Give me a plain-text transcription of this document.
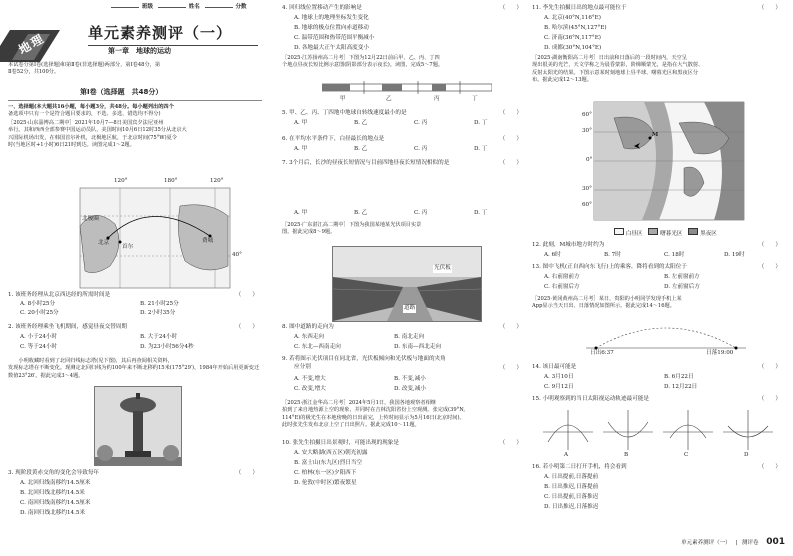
班级	姓名	分数
地理	单元素养测评（一）
第一章　地球的运动
本试卷分第Ⅰ卷(选择题)和第Ⅱ卷(非选择题)两部分，第Ⅰ卷48分，第
Ⅱ卷52分，共100分。
第Ⅰ卷（选择题　共48分）
一、选择题(本大题共16小题，每小题3分，共48分。每小题列出的四个
备选项中只有一个是符合题目要求的，不选、多选、错选均不得分)
［2025·山东淄博高二期中］2021年10月7—8日美国宾夕法尼亚州
举行。其和西西全部参赛中国运动员队，美国时间10月6日12时35分从北京大
兴国际机场出发，在韩国首尔补机，北极地区航，于北京时间(75°W)夏令
时(当地区时+1小时)6日21时到达。读图完成1～2题。
120°	180°	120°
40°
北极圈
北京
首尔
费城
1. 该班务经理从北京西达经的所需时间是	（　　）
A. 8小时25分	B. 21小时25分
C. 20小时25分	D. 2小时35分
2. 该班务经理乘坐飞机期间，感觉昼夜交替周期	（　　）
A. 小于24小时	B. 大于24小时
C. 等于24小时	D. 为23小时56分4秒
　　小明收藏时看到了北回归线标志塔(见下图)，其后再查阅相关资料，
发现标志塔在不断变化。现测定北回归线为约100年来不断北移约15米(175°29′)，1984年开始后用更新变迁
数值23°26′。据此完成3～4题。
3. 现阶段黄赤交角的变化会导致每年	（　　）
A. 北回归线南移约14.5厘米
B. 北回归线北移约14.5米
C. 南回归线南移约14.5厘米
D. 南回归线北移约14.5米
4. 回归线位置移动产生的影响是	（　　）
A. 地球上的地理坐标发生变化
B. 地球的极点位置向赤道移动
C. 温带范围和热带范围平衡减小
D. 各地最大正午太阳高度变小
［2025·江苏扬州高二月考］下图为12月22日前后甲、乙、丙、丁四
个地点昼夜长短比例示意图(阴影部分表示夜长)。读图，完成5～7题。
甲	乙	丙	丁
5. 甲、乙、丙、丁四地中地球自转线速度最小的是	（　　）
A. 甲	B. 乙	C. 丙	D. 丁
6. 在平均水平条件下，白昼最长的地点是	（　　）
A. 甲	B. 乙	C. 丙	D. 丁
7. 3个月后，长沙的昼夜长短情况与目前四地昼夜长短情况相似的是	（　　）
A. 甲	B. 乙	C. 丙	D. 丁
［2025·广东湛江高二期中］下图为我国某地某光伏项目实景
图。据此完成8～9题。
光伏板
道路
8. 图中道路的走向为	（　　）
A. 东西走向	B. 南北走向
C. 东北—西南走向	D. 东南—西北走向
9. 若将图示光伏项目在同北省，光伏板倾向和光伏板与地面的夹角
应分别	（　　）
A. 不变,增大	B. 不变,减小
C. 改变,增大	D. 改变,减小
［2025·浙江金华高二月考］2024年5月1日，我国各地观察者相继
拍到了来自地热源上空的现象，并同时在吉林沈阳省份上空观测。张完成(39°N,
114°E)的极光生在本地傍晚的日出前完，上传时间显示为5月16日(北京时间)。
此时张先生发布北京上空了日出照片。据此完成10～11题。
10. 张先生拍摄日出景观时，可能出现的现象是	（　　）
A. 安大略湖(西五区)朝光初露
B. 富士山(东九区)烈日当空
C. 柏林(东一区)夕阳西下
D. 伦敦(中时区)繁夜繁星
11. 李先生拍摄日出的地点最可能位于	（　　）
A. 北京(40°N,116°E)
B. 哈尔滨(45°N,127°E)
C. 济南(36°N,117°E)
D. 成都(30°N,104°E)
［2025·湖南衡阳高二月考］日出前和日落后的一段时间内，天空呈
现出很美的光芒，天文学称之为晨昏蒙影，阶梯顺蒙光，是指在大气散射、
反射太阳光的结果。下图示意某时刻地球上昼半球、曙暮光区和黑夜区分
布。据此完成12～13题。
M
60°
30°
0°
30°
60°
白昼区	曙暮光区	黑夜区
12. 此刻，M城市地方时约为	（　　）
A. 6时	B. 7时	C. 18时	D. 19时
13. 图中飞机(正自西向东飞行)上的乘客，降将看到的太阳位于	（　　）
A. 右前窗前方	B. 左前窗前方
C. 右前窗后方	D. 左前窗后方
［2025·黄冈黄州高二月考］某日，贵阳的小明同学发现手机上某
App显示当天日出、日落情况如图所示。据此完成14～16题。
日出6:37	日落19:00
14. 该日最可能是	（　　）
A. 3月10日	B. 6月22日
C. 9月12日	D. 12月22日
15. 小明观察到的当日太阳视运动轨迹最可能是	（　　）
A	B	C	D
16. 若小明第二日打开手机，将会看到	（　　）
A. 日出提前,日落提前
B. 日出推迟,日落提前
C. 日出提前,日落推迟
D. 日出推迟,日落推迟
单元素养测评（一） | 测评卷 001
